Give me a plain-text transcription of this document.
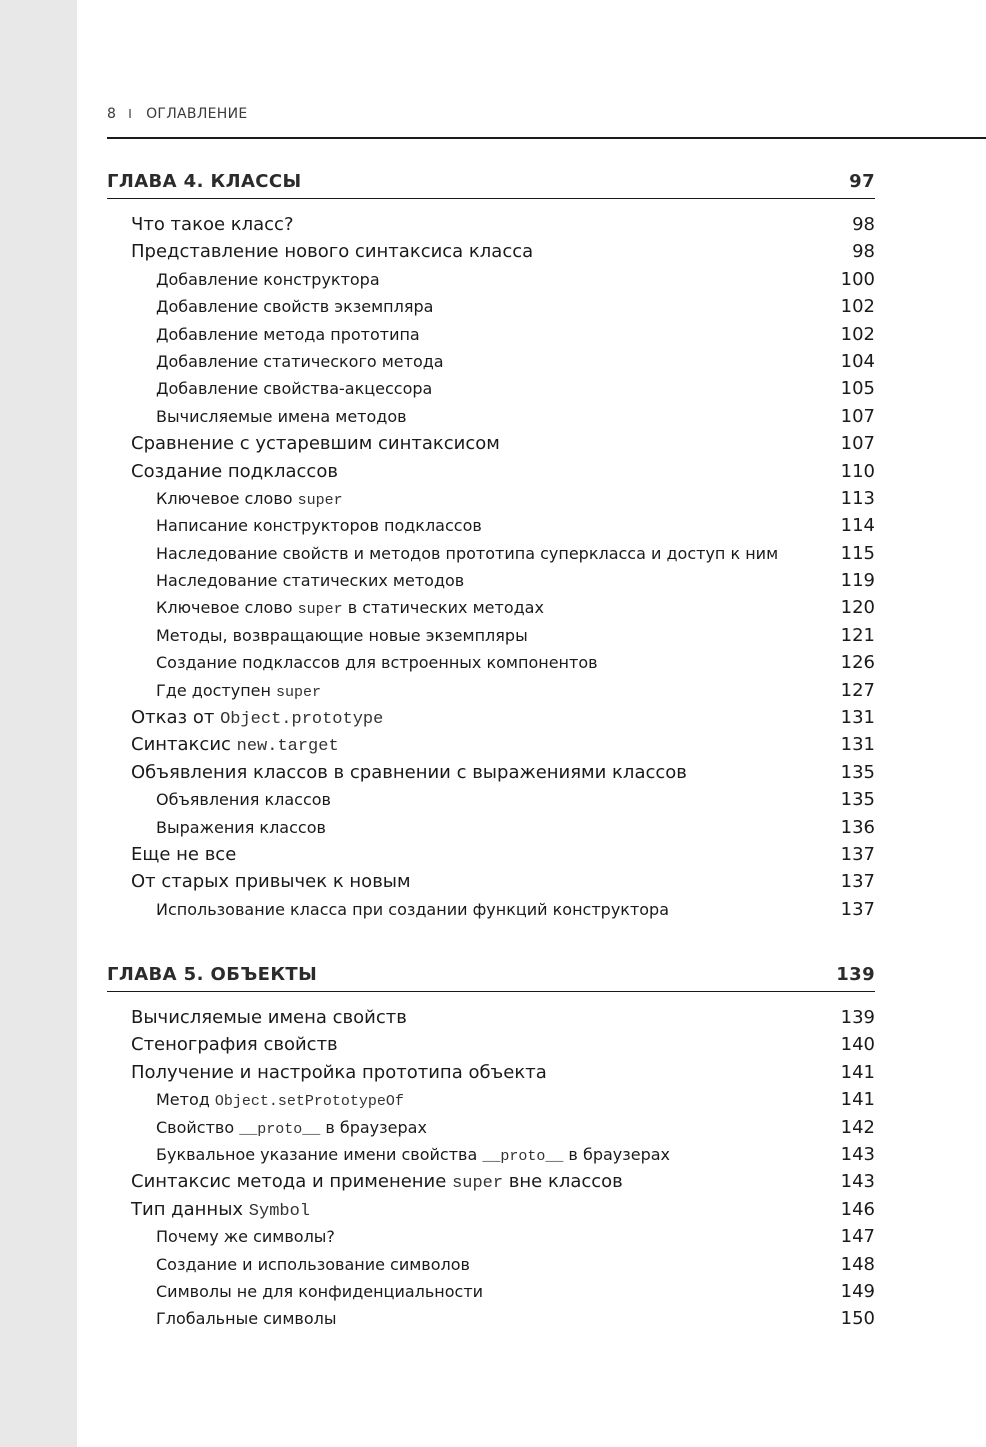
8 I ОГЛАВЛЕНИЕ
ГЛАВА 4. КЛАССЫ	97
Что такое класс?	98
Представление нового синтаксиса класса	98
Добавление конструктора	100
Добавление свойств экземпляра	102
Добавление метода прототипа	102
Добавление статического метода	104
Добавление свойства-акцессора	105
Вычисляемые имена методов	107
Сравнение с устаревшим синтаксисом	107
Создание подклассов	110
Ключевое слово super	113
Написание конструкторов подклассов	114
Наследование свойств и методов прототипа суперкласса и доступ к ним	115
Наследование статических методов	119
Ключевое слово super в статических методах	120
Методы, возвращающие новые экземпляры	121
Создание подклассов для встроенных компонентов	126
Где доступен super	127
Отказ от Object.prototype	131
Синтаксис new.target	131
Объявления классов в сравнении с выражениями классов	135
Объявления классов	135
Выражения классов	136
Еще не все	137
От старых привычек к новым	137
Использование класса при создании функций конструктора	137
ГЛАВА 5. ОБЪЕКТЫ	139
Вычисляемые имена свойств	139
Стенография свойств	140
Получение и настройка прототипа объекта	141
Метод Object.setPrototypeOf	141
Свойство __proto__ в браузерах	142
Буквальное указание имени свойства __proto__ в браузерах	143
Синтаксис метода и применение super вне классов	143
Тип данных Symbol	146
Почему же символы?	147
Создание и использование символов	148
Символы не для конфиденциальности	149
Глобальные символы	150
